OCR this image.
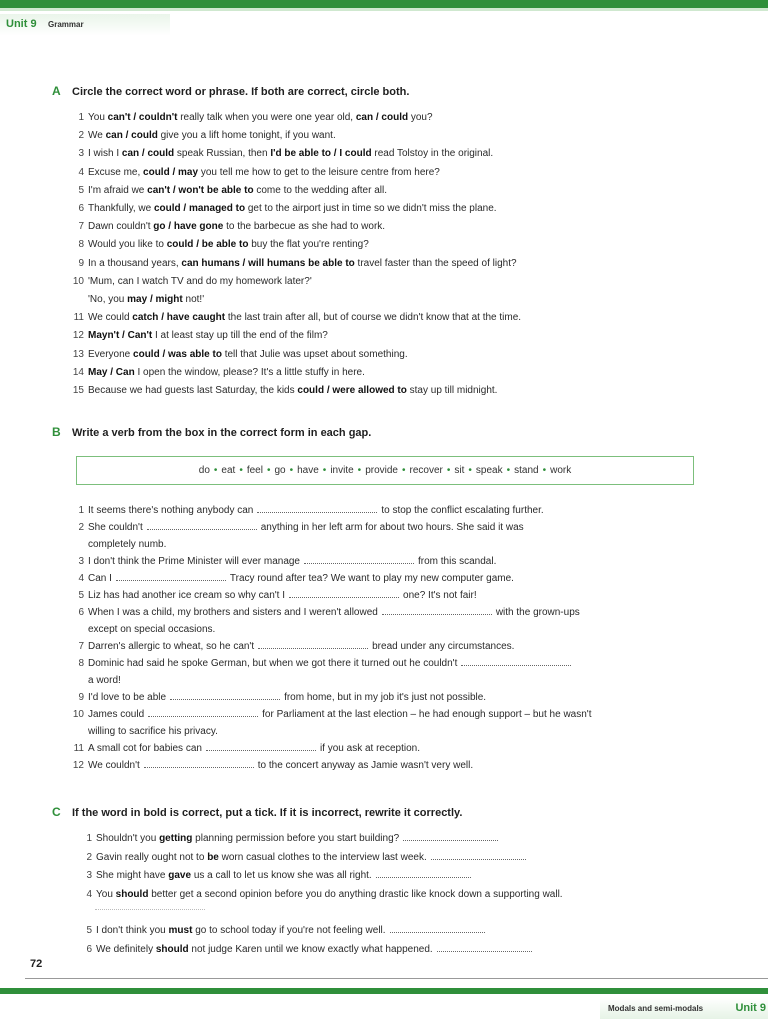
Unit 9 Grammar
A Circle the correct word or phrase. If both are correct, circle both.
1 You can't / couldn't really talk when you were one year old, can / could you?
2 We can / could give you a lift home tonight, if you want.
3 I wish I can / could speak Russian, then I'd be able to / I could read Tolstoy in the original.
4 Excuse me, could / may you tell me how to get to the leisure centre from here?
5 I'm afraid we can't / won't be able to come to the wedding after all.
6 Thankfully, we could / managed to get to the airport just in time so we didn't miss the plane.
7 Dawn couldn't go / have gone to the barbecue as she had to work.
8 Would you like to could / be able to buy the flat you're renting?
9 In a thousand years, can humans / will humans be able to travel faster than the speed of light?
10 'Mum, can I watch TV and do my homework later?'
'No, you may / might not!'
11 We could catch / have caught the last train after all, but of course we didn't know that at the time.
12 Mayn't / Can't I at least stay up till the end of the film?
13 Everyone could / was able to tell that Julie was upset about something.
14 May / Can I open the window, please? It's a little stuffy in here.
15 Because we had guests last Saturday, the kids could / were allowed to stay up till midnight.
B Write a verb from the box in the correct form in each gap.
do • eat • feel • go • have • invite • provide • recover • sit • speak • stand • work
1 It seems there's nothing anybody can	to stop the conflict escalating further.
2 She couldn't	anything in her left arm for about two hours. She said it was
completely numb.
3 I don't think the Prime Minister will ever manage	from this scandal.
4 Can I	Tracy round after tea? We want to play my new computer game.
5 Liz has had another ice cream so why can't I	one? It's not fair!
6 When I was a child, my brothers and sisters and I weren't allowed	with the grown-ups
except on special occasions.
7 Darren's allergic to wheat, so he can't	bread under any circumstances.
8 Dominic had said he spoke German, but when we got there it turned out he couldn't
a word!
9 I'd love to be able	from home, but in my job it's just not possible.
10 James could	for Parliament at the last election – he had enough support – but he wasn't
willing to sacrifice his privacy.
11 A small cot for babies can	if you ask at reception.
12 We couldn't	to the concert anyway as Jamie wasn't very well.
C If the word in bold is correct, put a tick. If it is incorrect, rewrite it correctly.
1 Shouldn't you getting planning permission before you start building?
2 Gavin really ought not to be worn casual clothes to the interview last week.
3 She might have gave us a call to let us know she was all right.
4 You should better get a second opinion before you do anything drastic like knock down a supporting wall.
5 I don't think you must go to school today if you're not feeling well.
6 We definitely should not judge Karen until we know exactly what happened.
72
Modals and semi-modals	Unit 9
